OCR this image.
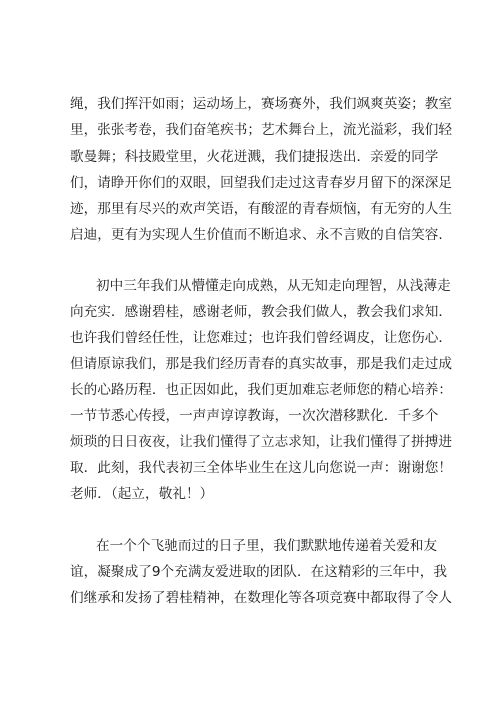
绳，我们挥汗如雨；运动场上，赛场赛外，我们飒爽英姿；教室
里，张张考卷，我们奋笔疾书；艺术舞台上，流光溢彩，我们轻
歌曼舞；科技殿堂里，火花迸溅，我们捷报迭出．亲爱的同学
们，请睁开你们的双眼，回望我们走过这青春岁月留下的深深足
迹，那里有尽兴的欢声笑语，有酸涩的青春烦恼，有无穷的人生
启迪，更有为实现人生价值而不断追求、永不言败的自信笑容.
初中三年我们从懵懂走向成熟，从无知走向理智，从浅薄走
向充实．感谢碧桂，感谢老师，教会我们做人，教会我们求知．
也许我们曾经任性，让您难过；也许我们曾经调皮，让您伤心．
但请原谅我们，那是我们经历青春的真实故事，那是我们走过成
长的心路历程．也正因如此，我们更加难忘老师您的精心培养：
一节节悉心传授，一声声谆谆教诲，一次次潜移默化．千多个
烦琐的日日夜夜，让我们懂得了立志求知，让我们懂得了拼搏进
取．此刻，我代表初三全体毕业生在这儿向您说一声：谢谢您！
老师．（起立，敬礼！）
在一个个飞驰而过的日子里，我们默默地传递着关爱和友
谊，凝聚成了9个充满友爱进取的团队．在这精彩的三年中，我
们继承和发扬了碧桂精神，在数理化等各项竞赛中都取得了令人
